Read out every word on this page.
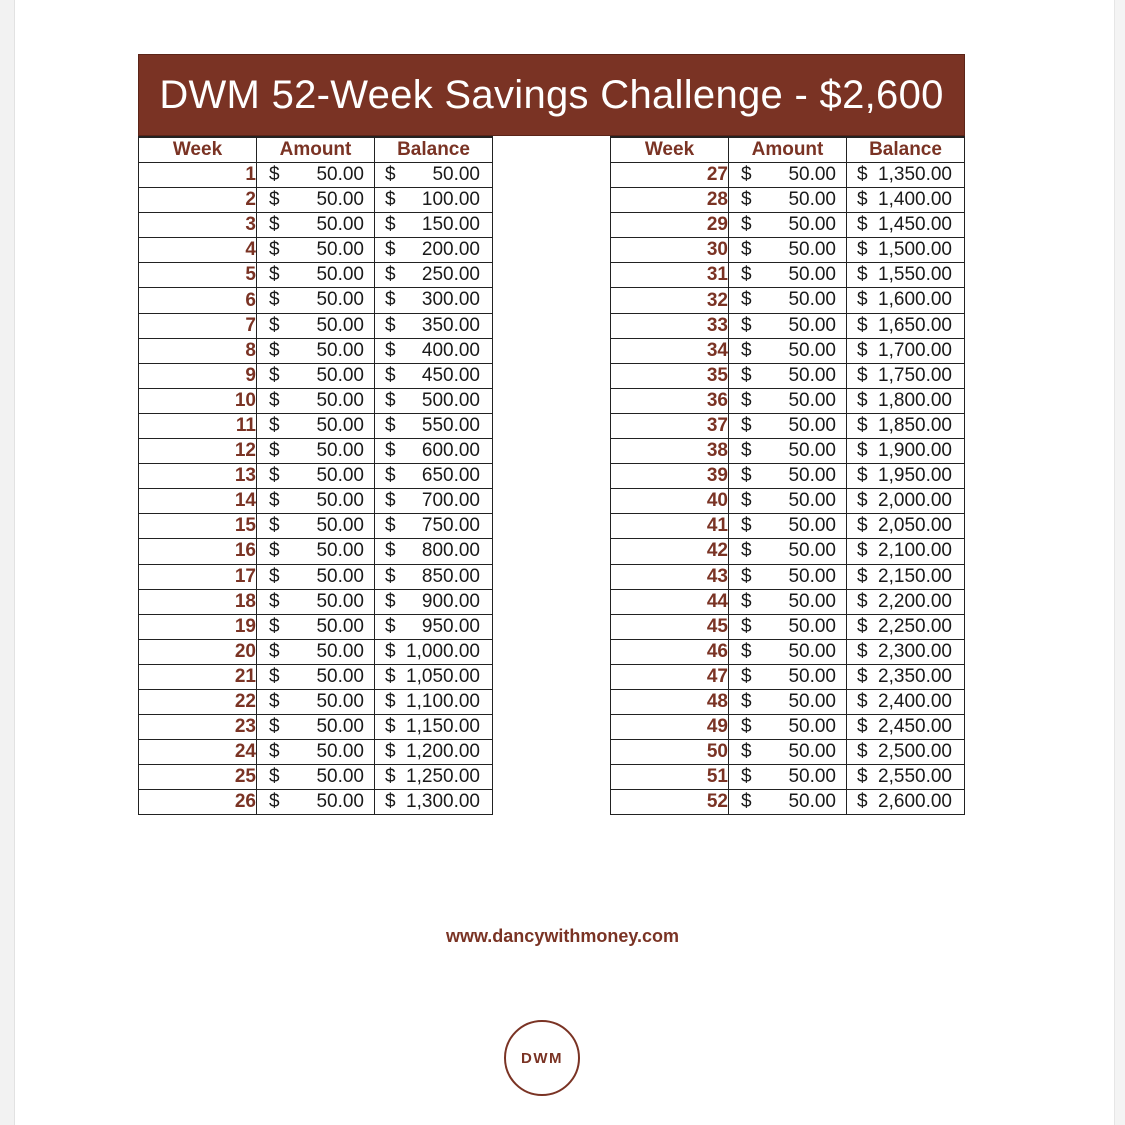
DWM 52-Week Savings Challenge - $2,600
Week	Amount	Balance
1	$ 50.00	$ 50.00

2	$ 50.00	$ 100.00

3	$ 50.00	$ 150.00

4	$ 50.00	$ 200.00

5	$ 50.00	$ 250.00

6	$ 50.00	$ 300.00

7	$ 50.00	$ 350.00

8	$ 50.00	$ 400.00

9	$ 50.00	$ 450.00

10	$ 50.00	$ 500.00

11	$ 50.00	$ 550.00

12	$ 50.00	$ 600.00

13	$ 50.00	$ 650.00

14	$ 50.00	$ 700.00

15	$ 50.00	$ 750.00

16	$ 50.00	$ 800.00

17	$ 50.00	$ 850.00

18	$ 50.00	$ 900.00

19	$ 50.00	$ 950.00

20	$ 50.00	$ 1,000.00

21	$ 50.00	$ 1,050.00

22	$ 50.00	$ 1,100.00

23	$ 50.00	$ 1,150.00

24	$ 50.00	$ 1,200.00

25	$ 50.00	$ 1,250.00

26	$ 50.00	$ 1,300.00
Week	Amount	Balance
27	$ 50.00	$ 1,350.00

28	$ 50.00	$ 1,400.00

29	$ 50.00	$ 1,450.00

30	$ 50.00	$ 1,500.00

31	$ 50.00	$ 1,550.00

32	$ 50.00	$ 1,600.00

33	$ 50.00	$ 1,650.00

34	$ 50.00	$ 1,700.00

35	$ 50.00	$ 1,750.00

36	$ 50.00	$ 1,800.00

37	$ 50.00	$ 1,850.00

38	$ 50.00	$ 1,900.00

39	$ 50.00	$ 1,950.00

40	$ 50.00	$ 2,000.00

41	$ 50.00	$ 2,050.00

42	$ 50.00	$ 2,100.00

43	$ 50.00	$ 2,150.00

44	$ 50.00	$ 2,200.00

45	$ 50.00	$ 2,250.00

46	$ 50.00	$ 2,300.00

47	$ 50.00	$ 2,350.00

48	$ 50.00	$ 2,400.00

49	$ 50.00	$ 2,450.00

50	$ 50.00	$ 2,500.00

51	$ 50.00	$ 2,550.00

52	$ 50.00	$ 2,600.00
www.dancywithmoney.com
DWM
